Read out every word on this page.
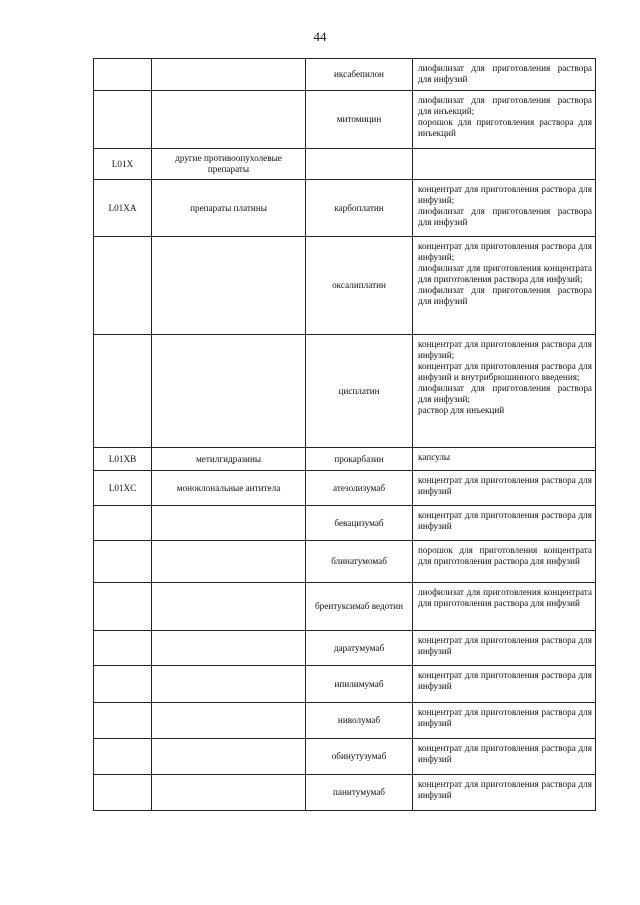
44
		иксабепилон	лиофилизат для приготовления раствора для инфузий

		митомицин	лиофилизат для приготовления раствора для инъекций;
порошок для приготовления раствора для инъекций

L01X	другие противоопухолевые препараты		
L01XA	препараты платины	карбоплатин	концентрат для приготовления раствора для инфузий;
лиофилизат для приготовления раствора для инфузий

		оксалиплатин	концентрат для приготовления раствора для инфузий;
лиофилизат для приготовления концентрата для приготовления раствора для инфузий;
лиофилизат для приготовления раствора для инфузий

		цисплатин	концентрат для приготовления раствора для инфузий;
концентрат для приготовления раствора для инфузий и внутрибрюшинного введения;
лиофилизат для приготовления раствора для инфузий;
раствор для инъекций

L01XB	метилгидразины	прокарбазин	капсулы

L01XC	моноклональные антитела	атезолизумаб	концентрат для приготовления раствора для инфузий

		бевацизумаб	концентрат для приготовления раствора для инфузий

		блинатумомаб	порошок для приготовления концентрата для приготовления раствора для инфузий

		брентуксимаб ведотин	лиофилизат для приготовления концентрата для приготовления раствора для инфузий

		даратумумаб	концентрат для приготовления раствора для инфузий

		ипилимумаб	концентрат для приготовления раствора для инфузий

		ниволумаб	концентрат для приготовления раствора для инфузий

		обинутузумаб	концентрат для приготовления раствора для инфузий

		панитумумаб	концентрат для приготовления раствора для инфузий
